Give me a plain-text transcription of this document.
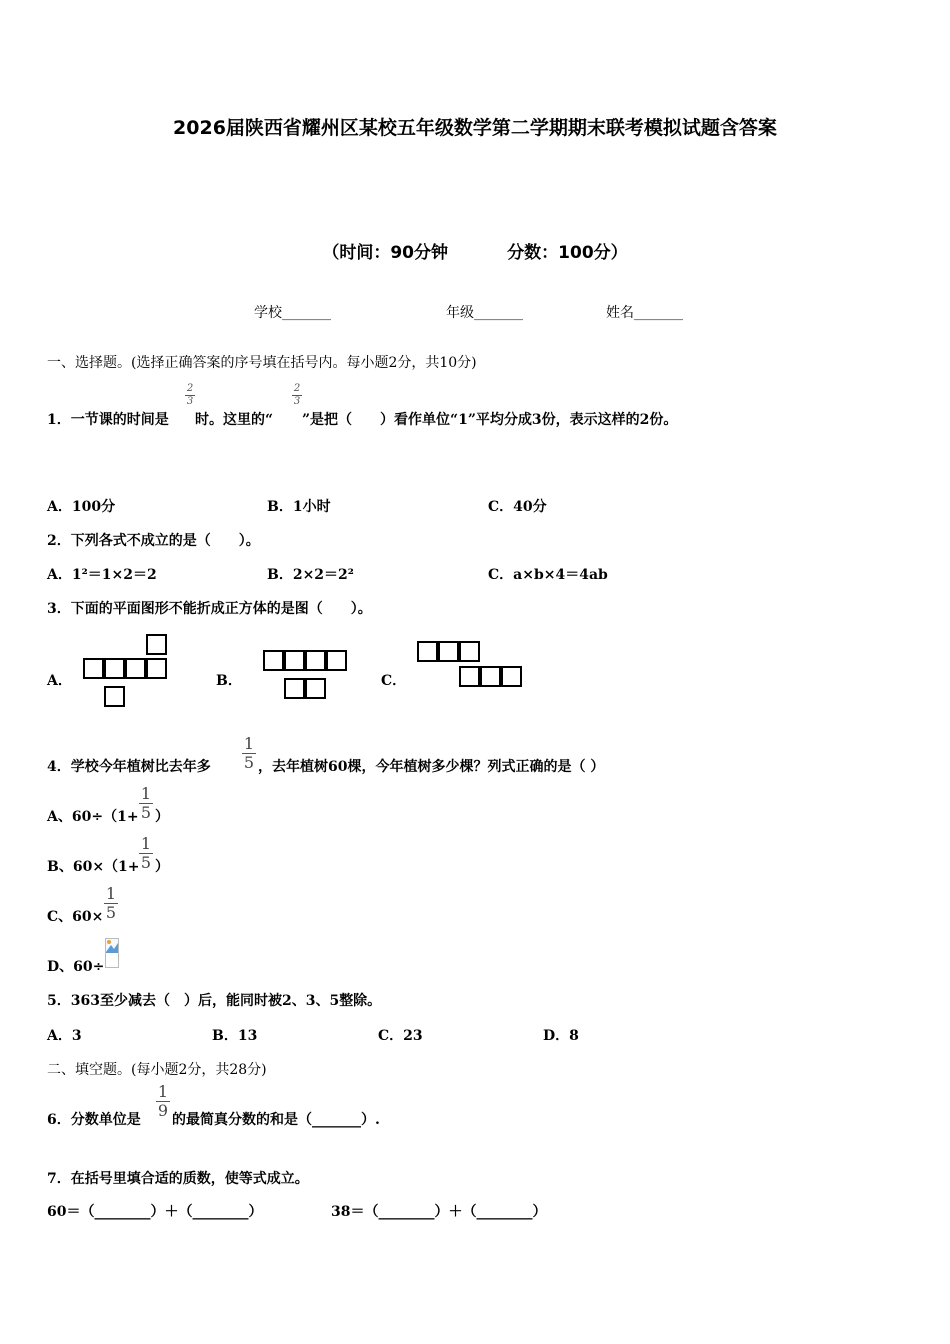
2026届陕西省耀州区某校五年级数学第二学期期末联考模拟试题含答案
（时间：90分钟          分数：100分）
学校_______	年级_______	姓名_______
一、选择题。(选择正确答案的序号填在括号内。每小题2分，共10分)
1．一节课的时间是
2
3
时。这里的“
2
3
”是把（　　）看作单位“1”平均分成3份，表示这样的2份。
A．100分	B．1小时	C．40分
2．下列各式不成立的是（　　）。
A．1²＝1×2＝2	B．2×2＝2²	C．a×b×4＝4ab
3．下面的平面图形不能折成正方体的是图（　　）。
A．	B．	C．
4．学校今年植树比去年多
1
5 ，去年植树60棵，今年植树多少棵？列式正确的是（ ）
A、60÷（1+
1
5 ）
B、60×（1+
1
5 ）
C、60×
1
5
D、60÷
5．363至少减去（　）后，能同时被2、3、5整除。
A．3	B．13	C．23	D．8
二、填空题。(每小题2分，共28分)
6．分数单位是
1
9 的最简真分数的和是（_______）.
7．在括号里填合适的质数，使等式成立。
60＝（________）＋（________）	38＝（________）＋（________）
